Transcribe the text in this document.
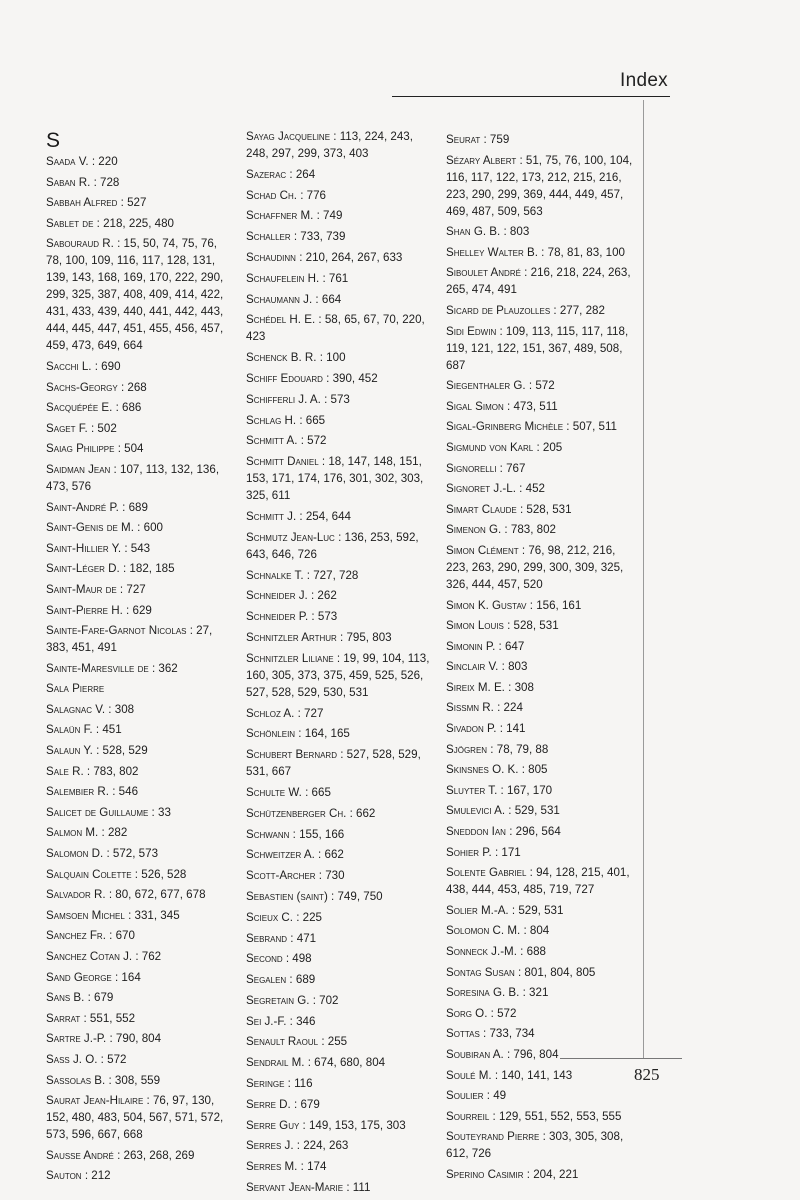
Index
S
Saada V. : 220
Saban R. : 728
Sabbah Alfred : 527
Sablet de : 218, 225, 480
Sabouraud R. : 15, 50, 74, 75, 76, 78, 100, 109, 116, 117, 128, 131, 139, 143, 168, 169, 170, 222, 290, 299, 325, 387, 408, 409, 414, 422, 431, 433, 439, 440, 441, 442, 443, 444, 445, 447, 451, 455, 456, 457, 459, 473, 649, 664
Sacchi L. : 690
Sachs-Georgy : 268
Sacquépée E. : 686
Saget F. : 502
Saiag Philippe : 504
Saidman Jean : 107, 113, 132, 136, 473, 576
Saint-André P. : 689
Saint-Genis de M. : 600
Saint-Hillier Y. : 543
Saint-Léger D. : 182, 185
Saint-Maur de : 727
Saint-Pierre H. : 629
Sainte-Fare-Garnot Nicolas : 27, 383, 451, 491
Sainte-Maresville de : 362
Sala Pierre
Salagnac V. : 308
Salaün F. : 451
Salaun Y. : 528, 529
Sale R. : 783, 802
Salembier R. : 546
Salicet de Guillaume : 33
Salmon M. : 282
Salomon D. : 572, 573
Salquain Colette : 526, 528
Salvador R. : 80, 672, 677, 678
Samsoen Michel : 331, 345
Sanchez Fr. : 670
Sanchez Cotan J. : 762
Sand George : 164
Sans B. : 679
Sarrat : 551, 552
Sartre J.-P. : 790, 804
Sass J. O. : 572
Sassolas B. : 308, 559
Saurat Jean-Hilaire : 76, 97, 130, 152, 480, 483, 504, 567, 571, 572, 573, 596, 667, 668
Sausse André : 263, 268, 269
Sauton : 212
Sayag Jacqueline : 113, 224, 243, 248, 297, 299, 373, 403
Sazerac : 264
Schad Ch. : 776
Schaffner M. : 749
Schaller : 733, 739
Schaudinn : 210, 264, 267, 633
Schaufelein H. : 761
Schaumann J. : 664
Schédel H. E. : 58, 65, 67, 70, 220, 423
Schenck B. R. : 100
Schiff Edouard : 390, 452
Schifferli J. A. : 573
Schlag H. : 665
Schmitt A. : 572
Schmitt Daniel : 18, 147, 148, 151, 153, 171, 174, 176, 301, 302, 303, 325, 611
Schmitt J. : 254, 644
Schmutz Jean-Luc : 136, 253, 592, 643, 646, 726
Schnalke T. : 727, 728
Schneider J. : 262
Schneider P. : 573
Schnitzler Arthur : 795, 803
Schnitzler Liliane : 19, 99, 104, 113, 160, 305, 373, 375, 459, 525, 526, 527, 528, 529, 530, 531
Schloz A. : 727
Schönlein : 164, 165
Schubert Bernard : 527, 528, 529, 531, 667
Schulte W. : 665
Schützenberger Ch. : 662
Schwann : 155, 166
Schweitzer A. : 662
Scott-Archer : 730
Sebastien (saint) : 749, 750
Scieux C. : 225
Sebrand : 471
Second : 498
Segalen : 689
Segretain G. : 702
Sei J.-F. : 346
Senault Raoul : 255
Sendrail M. : 674, 680, 804
Seringe : 116
Serre D. : 679
Serre Guy : 149, 153, 175, 303
Serres J. : 224, 263
Serres M. : 174
Servant Jean-Marie : 111
Seurat : 759
Sézary Albert : 51, 75, 76, 100, 104, 116, 117, 122, 173, 212, 215, 216, 223, 290, 299, 369, 444, 449, 457, 469, 487, 509, 563
Shan G. B. : 803
Shelley Walter B. : 78, 81, 83, 100
Siboulet André : 216, 218, 224, 263, 265, 474, 491
Sicard de Plauzolles : 277, 282
Sidi Edwin : 109, 113, 115, 117, 118, 119, 121, 122, 151, 367, 489, 508, 687
Siegenthaler G. : 572
Sigal Simon : 473, 511
Sigal-Grinberg Michèle : 507, 511
Sigmund von Karl : 205
Signorelli : 767
Signoret J.-L. : 452
Simart Claude : 528, 531
Simenon G. : 783, 802
Simon Clément : 76, 98, 212, 216, 223, 263, 290, 299, 300, 309, 325, 326, 444, 457, 520
Simon K. Gustav : 156, 161
Simon Louis : 528, 531
Simonin P. : 647
Sinclair V. : 803
Sireix M. E. : 308
Sissmn R. : 224
Sivadon P. : 141
Sjögren : 78, 79, 88
Skinsnes O. K. : 805
Sluyter T. : 167, 170
Smulevici A. : 529, 531
Sneddon Ian : 296, 564
Sohier P. : 171
Solente Gabriel : 94, 128, 215, 401, 438, 444, 453, 485, 719, 727
Solier M.-A. : 529, 531
Solomon C. M. : 804
Sonneck J.-M. : 688
Sontag Susan : 801, 804, 805
Soresina G. B. : 321
Sorg O. : 572
Sottas : 733, 734
Soubiran A. : 796, 804
Soulé M. : 140, 141, 143
Soulier : 49
Sourreil : 129, 551, 552, 553, 555
Souteyrand Pierre : 303, 305, 308, 612, 726
Sperino Casimir : 204, 221
825
